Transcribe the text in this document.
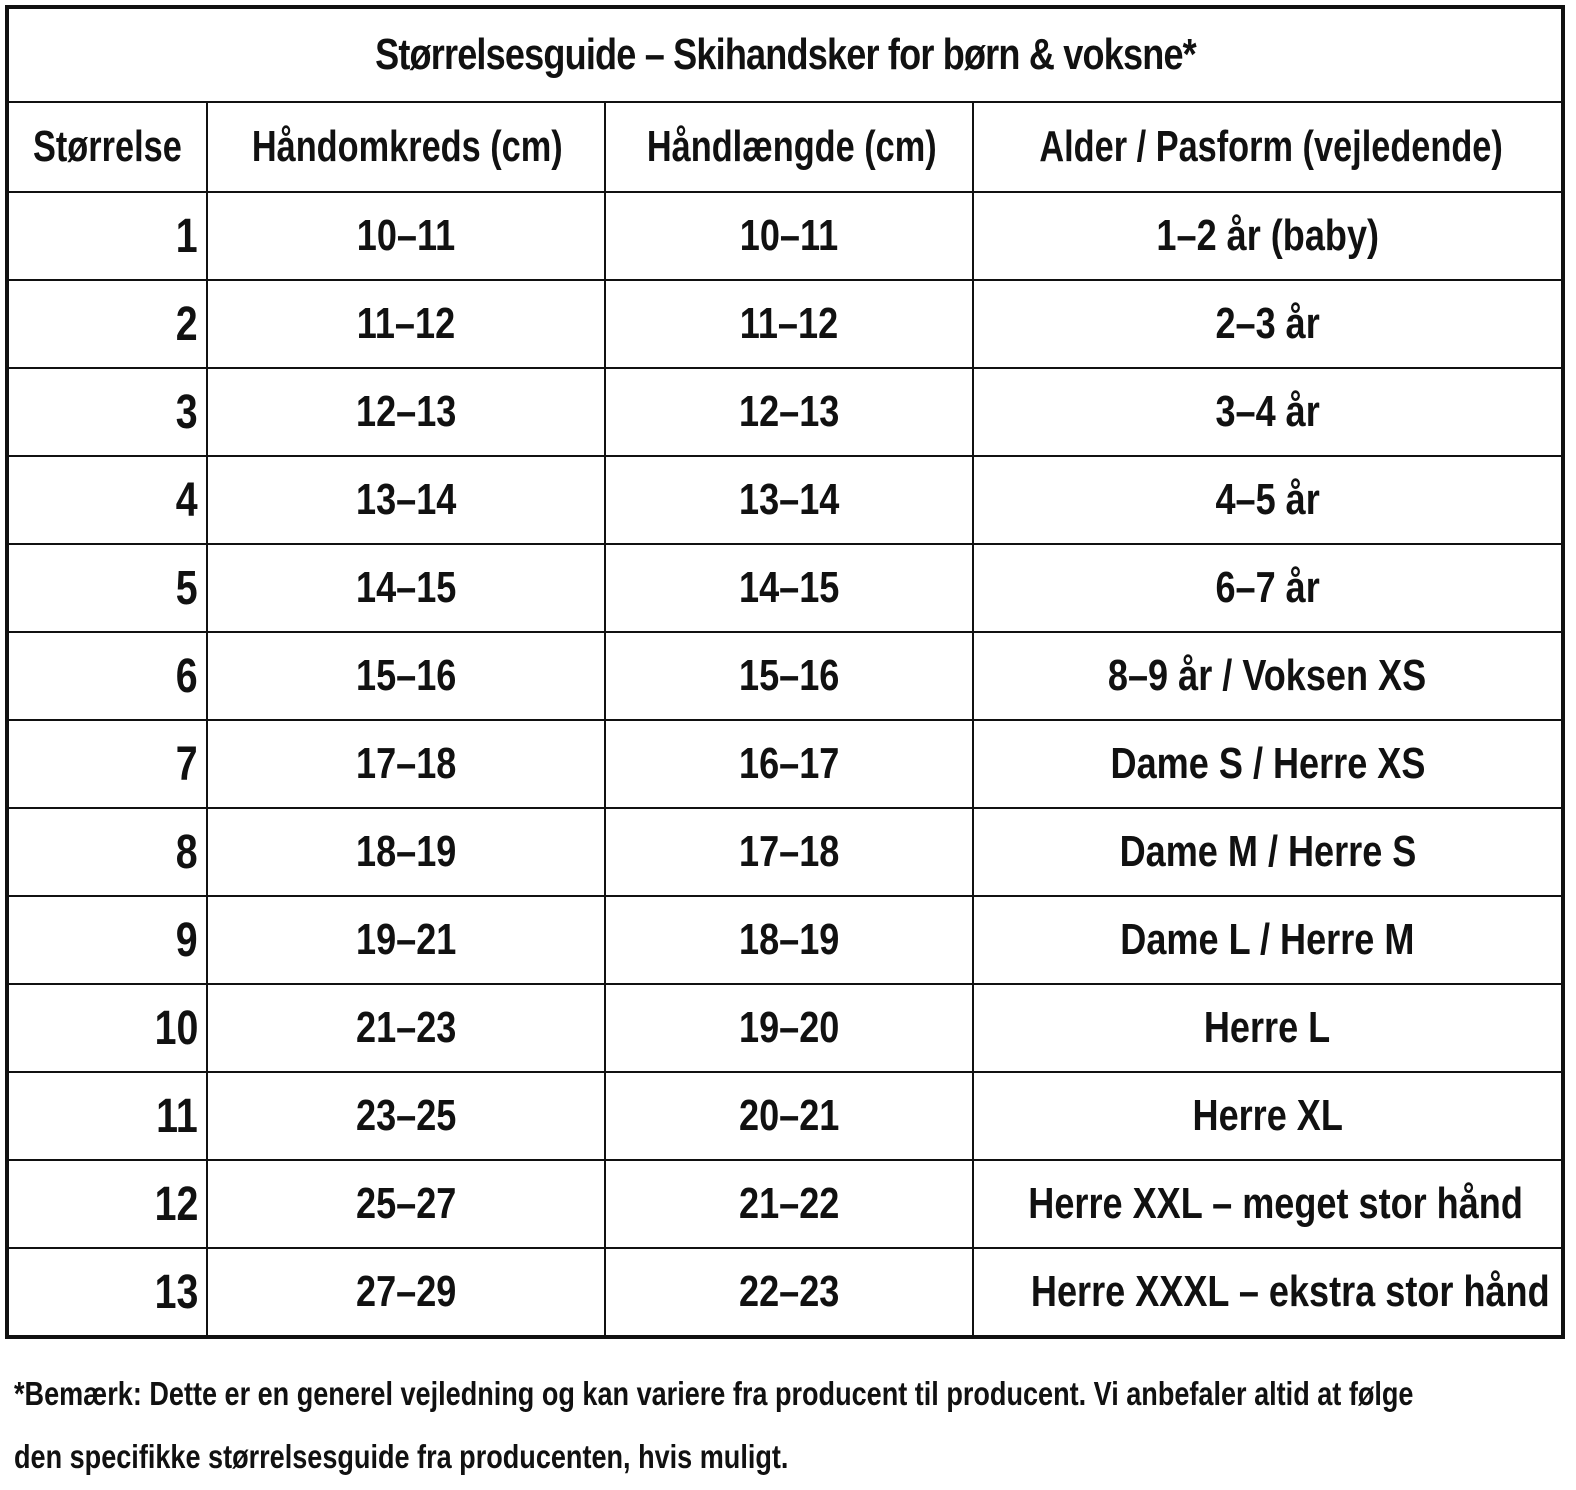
Størrelsesguide – Skihandsker for børn & voksne*			
Størrelse	Håndomkreds (cm)	Håndlængde (cm)	Alder / Pasform (vejledende)
1	10–11	10–11	1–2 år (baby)
2	11–12	11–12	2–3 år
3	12–13	12–13	3–4 år
4	13–14	13–14	4–5 år
5	14–15	14–15	6–7 år
6	15–16	15–16	8–9 år / Voksen XS
7	17–18	16–17	Dame S / Herre XS
8	18–19	17–18	Dame M / Herre S
9	19–21	18–19	Dame L / Herre M
10	21–23	19–20	Herre L
11	23–25	20–21	Herre XL
12	25–27	21–22	Herre XXL – meget stor hånd
13	27–29	22–23	Herre XXXL – ekstra stor hånd
*Bemærk: Dette er en generel vejledning og kan variere fra producent til producent. Vi anbefaler altid at følge
den specifikke størrelsesguide fra producenten, hvis muligt.
